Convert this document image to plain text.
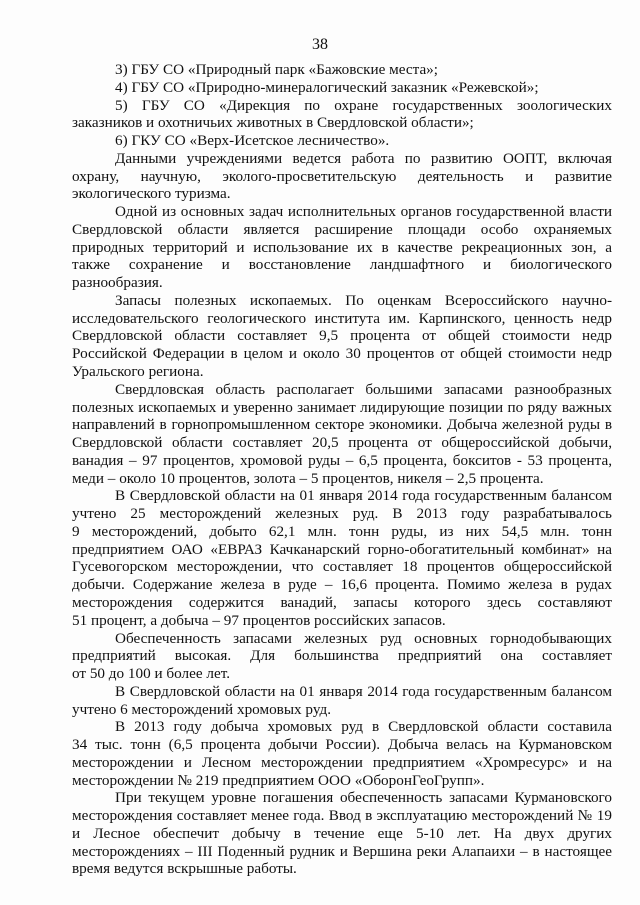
38
3) ГБУ СО «Природный парк «Бажовские места»;
4) ГБУ СО «Природно-минералогический заказник «Режевской»;
5) ГБУ СО «Дирекция по охране государственных зоологических
заказников и охотничьих животных в Свердловской области»;
6) ГКУ СО «Верх-Исетское лесничество».
Данными учреждениями ведется работа по развитию ООПТ, включая
охрану, научную, эколого-просветительскую деятельность и развитие
экологического туризма.
Одной из основных задач исполнительных органов государственной власти
Свердловской области является расширение площади особо охраняемых
природных территорий и использование их в качестве рекреационных зон, а
также сохранение и восстановление ландшафтного и биологического
разнообразия.
Запасы полезных ископаемых. По оценкам Всероссийского научно-
исследовательского геологического института им. Карпинского, ценность недр
Свердловской области составляет 9,5 процента от общей стоимости недр
Российской Федерации в целом и около 30 процентов от общей стоимости недр
Уральского региона.
Свердловская область располагает большими запасами разнообразных
полезных ископаемых и уверенно занимает лидирующие позиции по ряду важных
направлений в горнопромышленном секторе экономики. Добыча железной руды в
Свердловской области составляет 20,5 процента от общероссийской добычи,
ванадия – 97 процентов, хромовой руды – 6,5 процента, бокситов - 53 процента,
меди – около 10 процентов, золота – 5 процентов, никеля – 2,5 процента.
В Свердловской области на 01 января 2014 года государственным балансом
учтено 25 месторождений железных руд. В 2013 году разрабатывалось
9 месторождений, добыто 62,1 млн. тонн руды, из них 54,5 млн. тонн
предприятием ОАО «ЕВРАЗ Качканарский горно-обогатительный комбинат» на
Гусевогорском месторождении, что составляет 18 процентов общероссийской
добычи. Содержание железа в руде – 16,6 процента. Помимо железа в рудах
месторождения содержится ванадий, запасы которого здесь составляют
51 процент, а добыча – 97 процентов российских запасов.
Обеспеченность запасами железных руд основных горнодобывающих
предприятий высокая. Для большинства предприятий она составляет
от 50 до 100 и более лет.
В Свердловской области на 01 января 2014 года государственным балансом
учтено 6 месторождений хромовых руд.
В 2013 году добыча хромовых руд в Свердловской области составила
34 тыс. тонн (6,5 процента добычи России). Добыча велась на Курмановском
месторождении и Лесном месторождении предприятием «Хромресурс» и на
месторождении № 219 предприятием ООО «ОборонГеоГрупп».
При текущем уровне погашения обеспеченность запасами Курмановского
месторождения составляет менее года. Ввод в эксплуатацию месторождений № 19
и Лесное обеспечит добычу в течение еще 5-10 лет. На двух других
месторождениях – III Поденный рудник и Вершина реки Алапаихи – в настоящее
время ведутся вскрышные работы.
